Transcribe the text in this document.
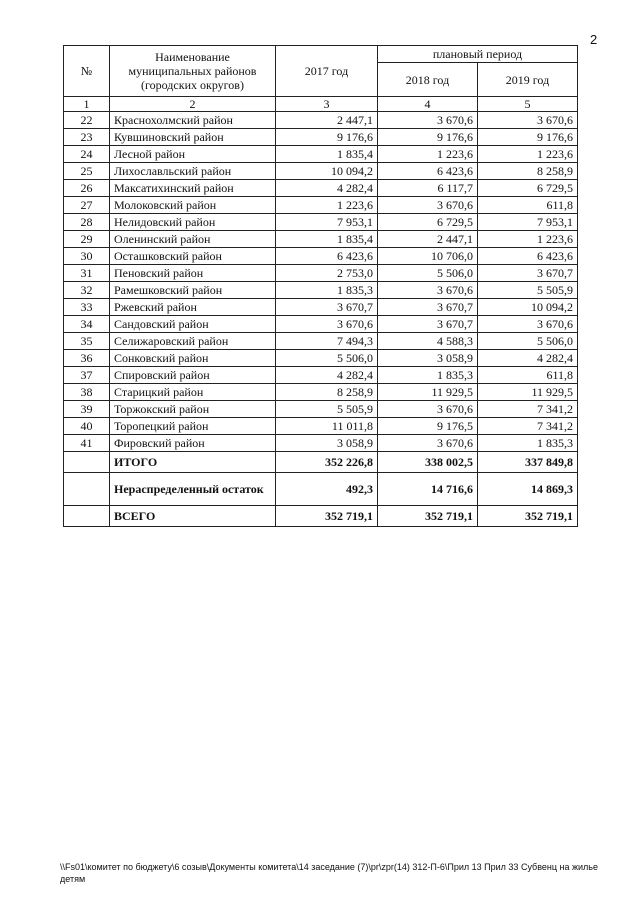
2
№	Наименование муниципальных районов (городских округов)	2017 год	плановый период	
			2018 год	2019 год
1	2	3	4	5
22	Краснохолмский район	2 447,1	3 670,6	3 670,6
23	Кувшиновский район	9 176,6	9 176,6	9 176,6
24	Лесной район	1 835,4	1 223,6	1 223,6
25	Лихославльский район	10 094,2	6 423,6	8 258,9
26	Максатихинский район	4 282,4	6 117,7	6 729,5
27	Молоковский район	1 223,6	3 670,6	611,8
28	Нелидовский район	7 953,1	6 729,5	7 953,1
29	Оленинский район	1 835,4	2 447,1	1 223,6
30	Осташковский район	6 423,6	10 706,0	6 423,6
31	Пеновский район	2 753,0	5 506,0	3 670,7
32	Рамешковский район	1 835,3	3 670,6	5 505,9
33	Ржевский район	3 670,7	3 670,7	10 094,2
34	Сандовский район	3 670,6	3 670,7	3 670,6
35	Селижаровский район	7 494,3	4 588,3	5 506,0
36	Сонковский район	5 506,0	3 058,9	4 282,4
37	Спировский район	4 282,4	1 835,3	611,8
38	Старицкий район	8 258,9	11 929,5	11 929,5
39	Торжокский район	5 505,9	3 670,6	7 341,2
40	Торопецкий район	11 011,8	9 176,5	7 341,2
41	Фировский район	3 058,9	3 670,6	1 835,3
	ИТОГО	352 226,8	338 002,5	337 849,8
	Нераспределенный остаток	492,3	14 716,6	14 869,3
	ВСЕГО	352 719,1	352 719,1	352 719,1
\\Fs01\комитет по бюджету\6 созыв\Документы комитета\14 заседание (7)\pr\zpr(14) 312-П-6\Прил 13 Прил 33 Субвенц на жилье детям
